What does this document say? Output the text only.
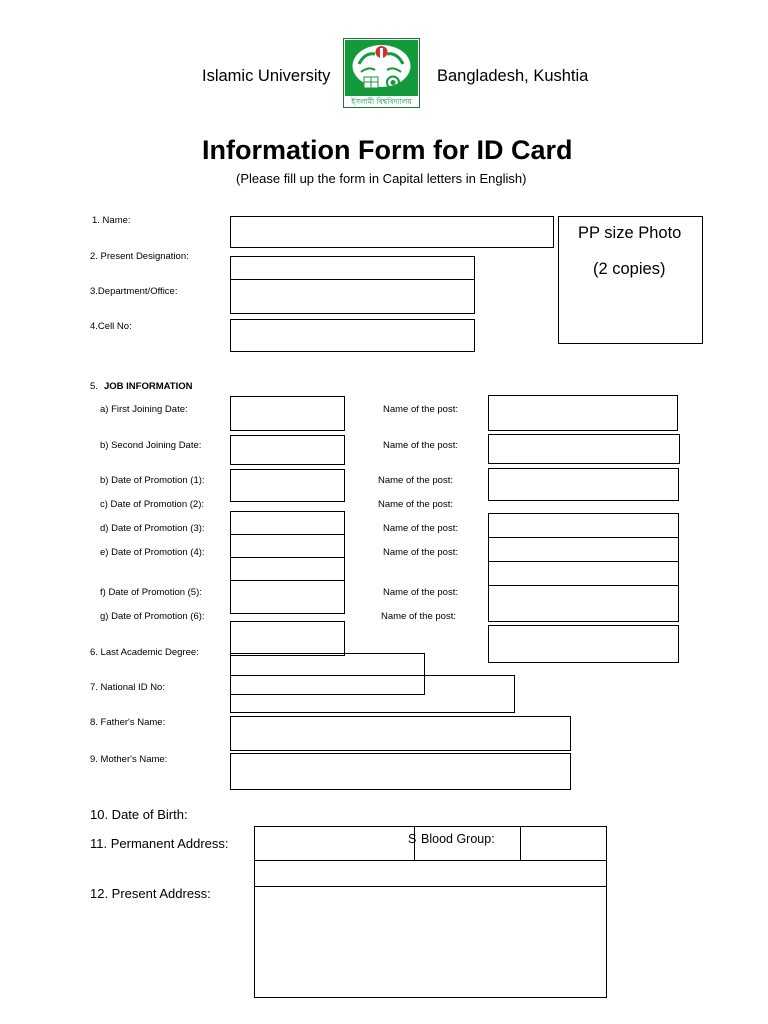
Islamic University
ইসলামী বিশ্ববিদ্যালয়
Bangladesh, Kushtia
Information Form for ID Card
(Please fill up the form in Capital letters in English)
PP size Photo
(2 copies)
1. Name:
2. Present Designation:
3.Department/Office:
4.Cell No:
5. JOB INFORMATION
a) First Joining Date:	Name of the post:
b) Second Joining Date:	Name of the post:
b) Date of Promotion (1):	Name of the post:
c) Date of Promotion (2):	Name of the post:
d) Date of Promotion (3):	Name of the post:
e) Date of Promotion (4):	Name of the post:
f) Date of Promotion (5):	Name of the post:
g) Date of Promotion (6):	Name of the post:
6. Last Academic Degree:
7. National ID No:
8. Father's Name:
9. Mother's Name:
10. Date of Birth:
11. Permanent Address:	S Blood Group:
12. Present Address:
